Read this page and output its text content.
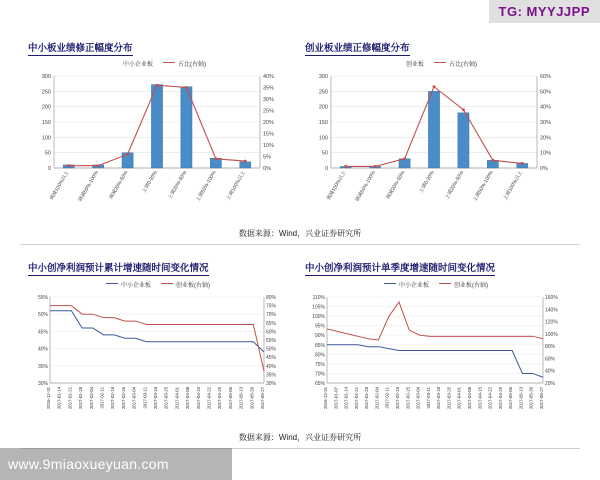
TG: MYYJJPP
中小板业绩修正幅度分布
中小企业板	占比(右轴)
0
50
100
150
200
250
300
0%
5%
10%
15%
20%
25%
30%
35%
40%
调减100%以上 调减50%-100% 调减20%-50% 上调0-20% 上调20%-50% 上调50%-100% 上调100%以上
创业板业绩正修幅度分布
创业板	占比(右轴)
0
50
100
150
200
250
300
0%
10%
20%
30%
40%
50%
60%
调减100%以上 调减50%-100% 调减20%-50% 上调0-20% 上调20%-50% 上调50%-100% 上调100%以上
数据来源：Wind，兴业证券研究所
中小创净利润预计累计增速随时间变化情况
中小企业板	创业板(右轴)
30%
35%
40%
45%
50%
55%
30%
35%
40%
45%
50%
55%
60%
65%
70%
75%
80%
2016-12-31 2017-01-14 2017-01-21 2017-01-28 2017-02-04 2017-02-11 2017-02-18 2017-02-25 2017-03-04 2017-03-11 2017-03-18 2017-03-25 2017-04-01 2017-04-08 2017-04-15 2017-04-22 2017-04-29 2017-05-06 2017-05-13 2017-05-20 2017-05-27
中小创净利润预计单季度增速随时间变化情况
中小企业板	创业板(右轴)
65%
70%
75%
80%
85%
90%
95%
100%
105%
110%
20%
40%
60%
80%
100%
120%
140%
160%
2016-12-31 2017-01-07 2017-01-14 2017-01-21 2017-01-28 2017-02-04 2017-02-11 2017-02-18 2017-02-25 2017-03-04 2017-03-11 2017-03-18 2017-03-25 2017-04-01 2017-04-08 2017-04-15 2017-04-22 2017-04-29 2017-05-06 2017-05-13 2017-05-20 2017-05-27
数据来源：Wind，兴业证券研究所
www.9miaoxueyuan.com
